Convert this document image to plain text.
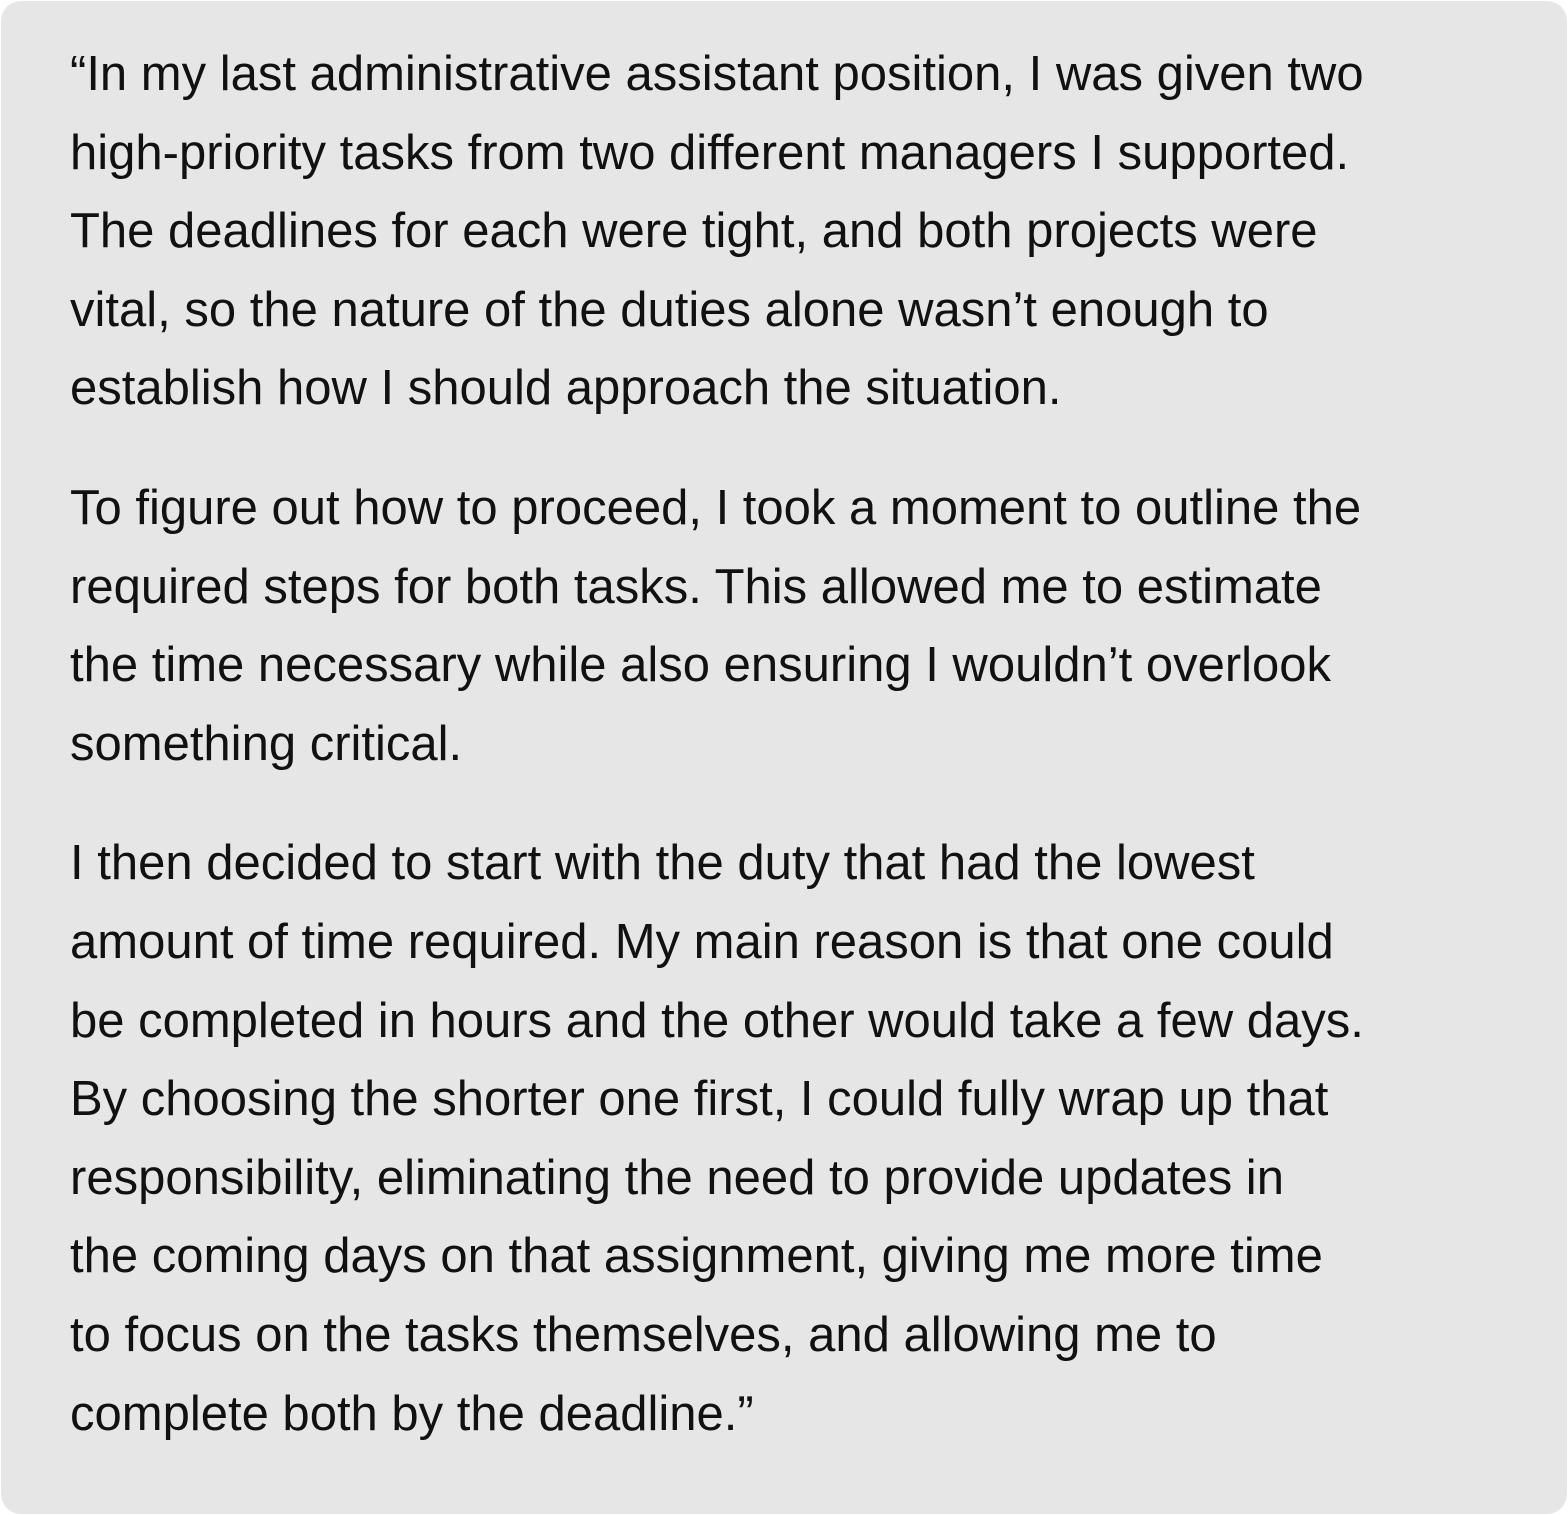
“In my last administrative assistant position, I was given two
high-priority tasks from two different managers I supported.
The deadlines for each were tight, and both projects were
vital, so the nature of the duties alone wasn’t enough to
establish how I should approach the situation.

To figure out how to proceed, I took a moment to outline the
required steps for both tasks. This allowed me to estimate
the time necessary while also ensuring I wouldn’t overlook
something critical.

I then decided to start with the duty that had the lowest
amount of time required. My main reason is that one could
be completed in hours and the other would take a few days.
By choosing the shorter one first, I could fully wrap up that
responsibility, eliminating the need to provide updates in
the coming days on that assignment, giving me more time
to focus on the tasks themselves, and allowing me to
complete both by the deadline.”
